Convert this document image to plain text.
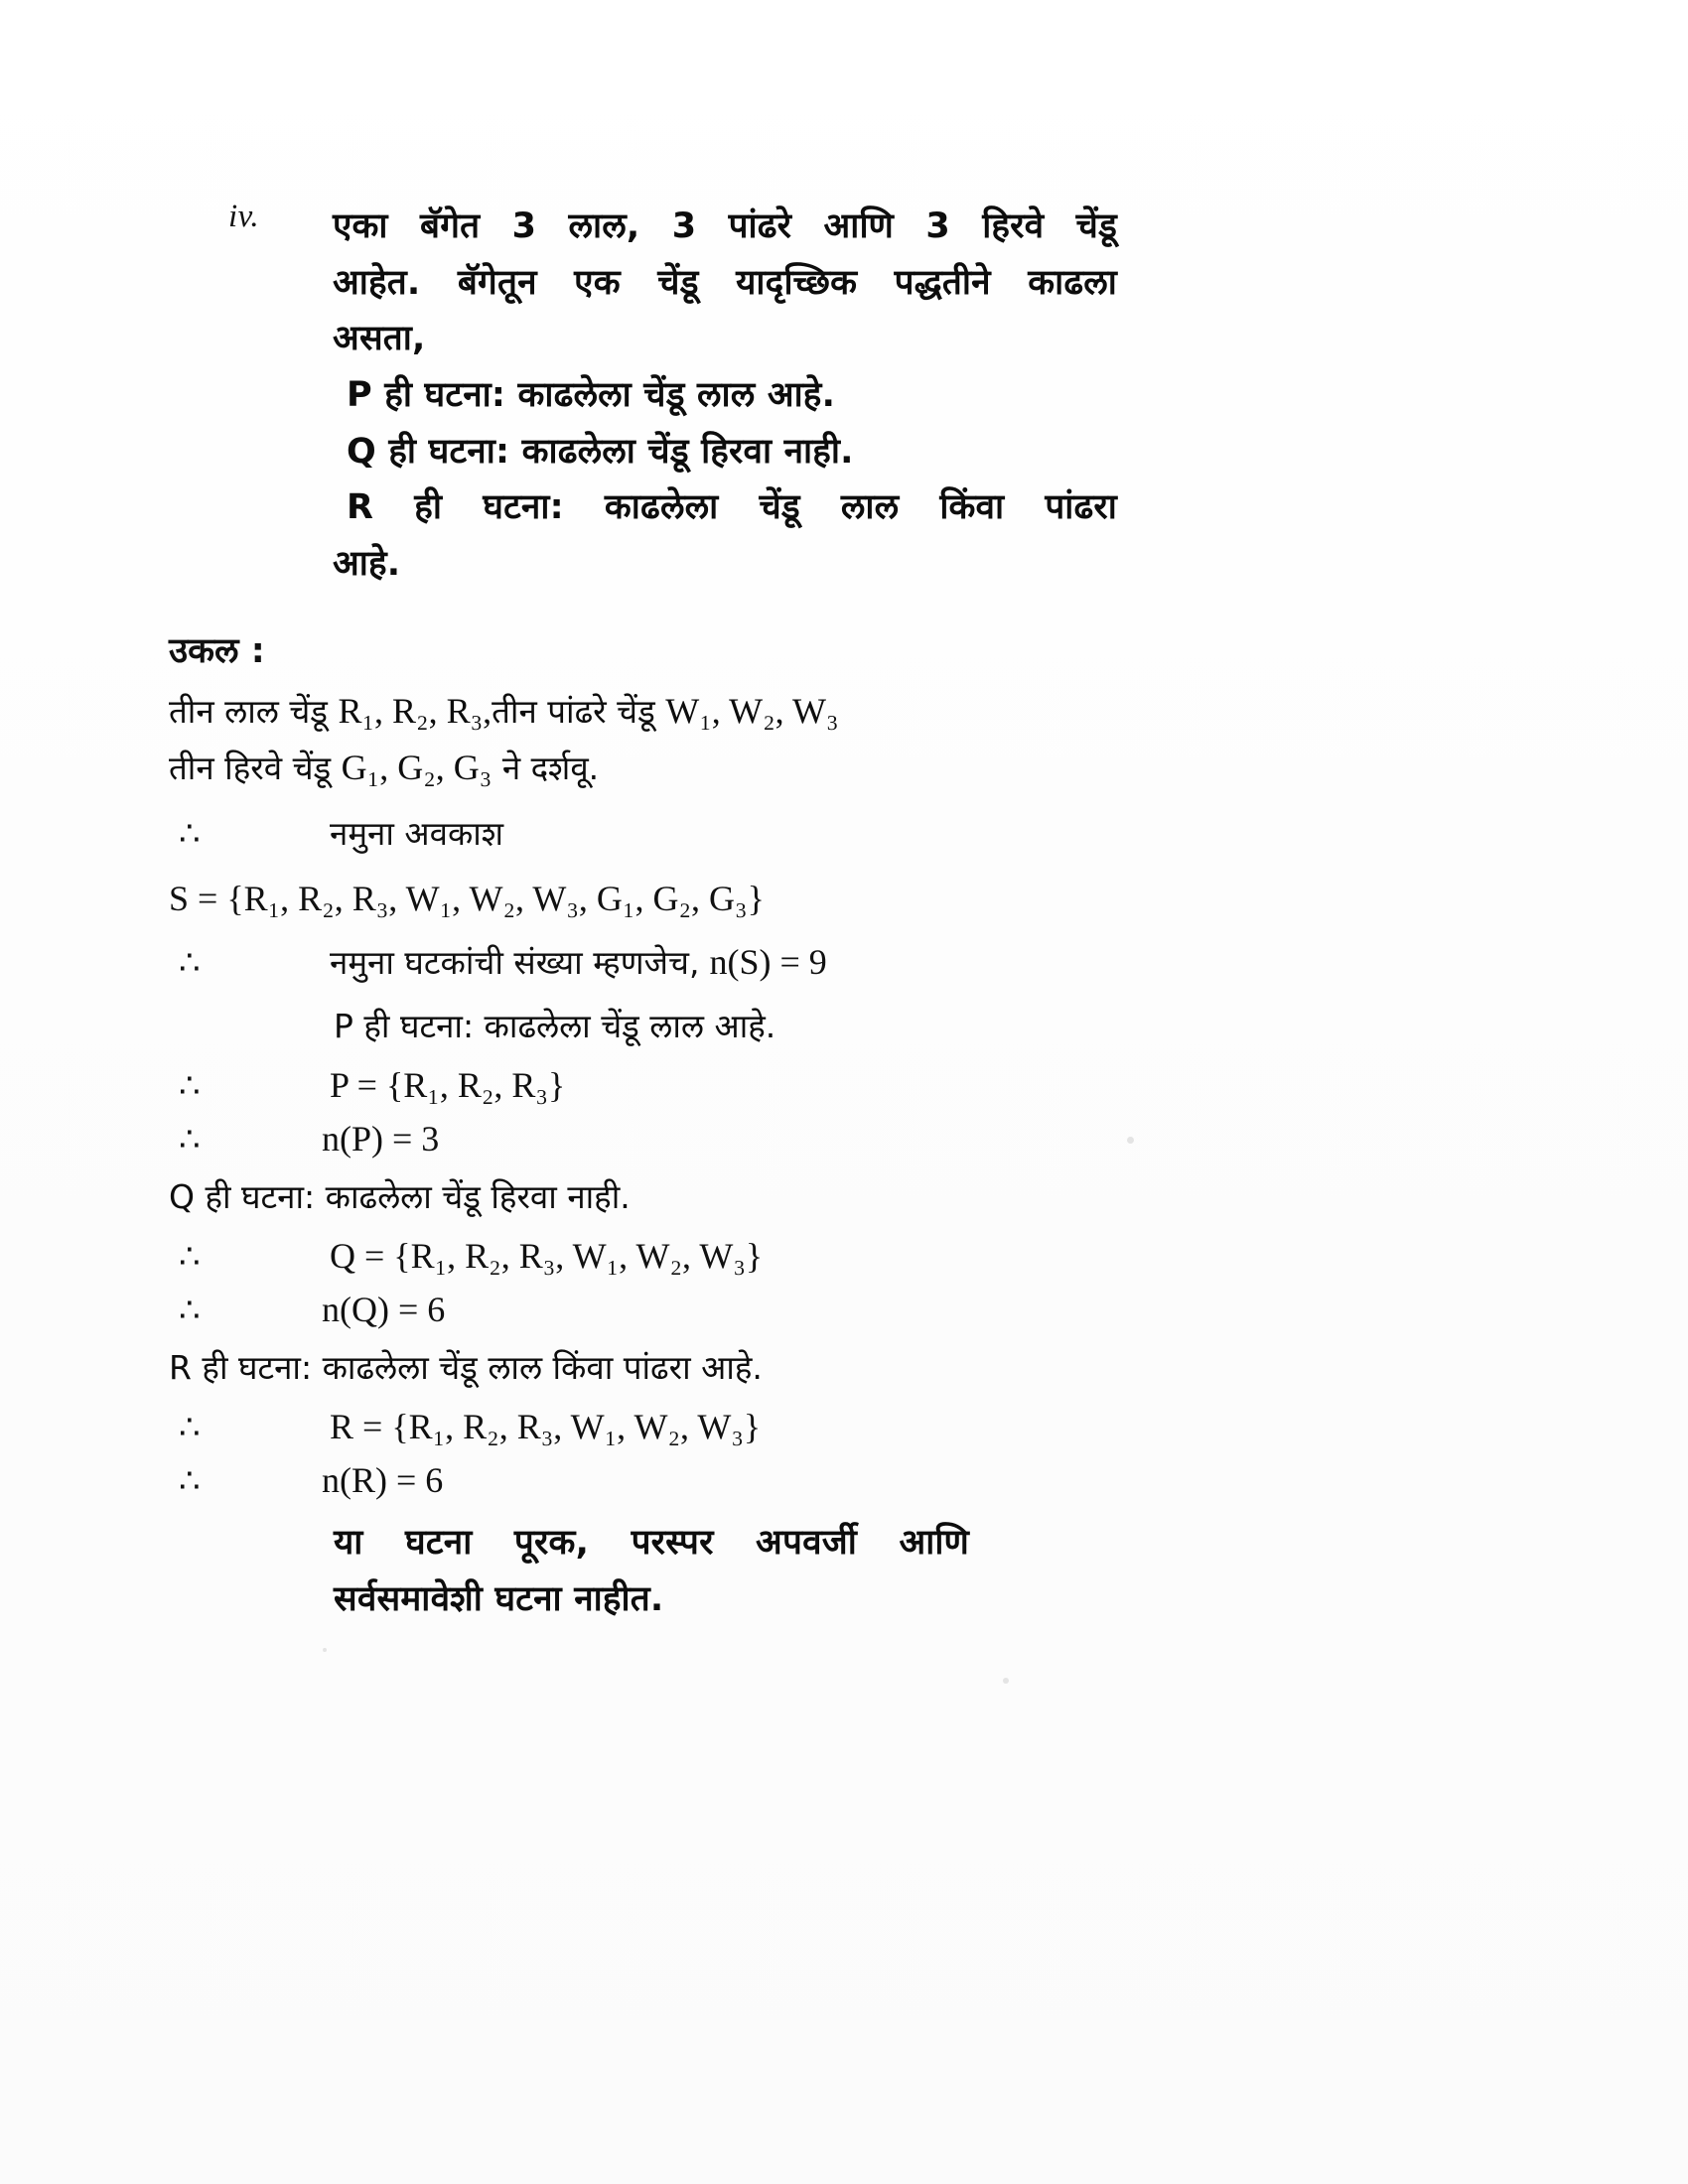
iv. एका बॅगेत 3 लाल, 3 पांढरे आणि 3 हिरवे चेंडू
आहेत. बॅगेतून एक चेंडू यादृच्छिक पद्धतीने काढला
असता,
P ही घटना: काढलेला चेंडू लाल आहे.
Q ही घटना: काढलेला चेंडू हिरवा नाही.
R ही घटना: काढलेला चेंडू लाल किंवा पांढरा
आहे.
उकल :
तीन लाल चेंडू R₁, R₂, R₃,तीन पांढरे चेंडू W₁, W₂, W₃
तीन हिरवे चेंडू G₁, G₂, G₃ ने दर्शवू.
∴	नमुना अवकाश
S = {R₁, R₂, R₃, W₁, W₂, W₃, G₁, G₂, G₃}
∴	नमुना घटकांची संख्या म्हणजेच, n(S) = 9
P ही घटना: काढलेला चेंडू लाल आहे.
∴	P = {R₁, R₂, R₃}
∴	n(P) = 3
Q ही घटना: काढलेला चेंडू हिरवा नाही.
∴	Q = {R₁, R₂, R₃, W₁, W₂, W₃}
∴	n(Q) = 6
R ही घटना: काढलेला चेंडू लाल किंवा पांढरा आहे.
∴	R = {R₁, R₂, R₃, W₁, W₂, W₃}
∴	n(R) = 6
या घटना पूरक, परस्पर अपवर्जी आणि
सर्वसमावेशी घटना नाहीत.
